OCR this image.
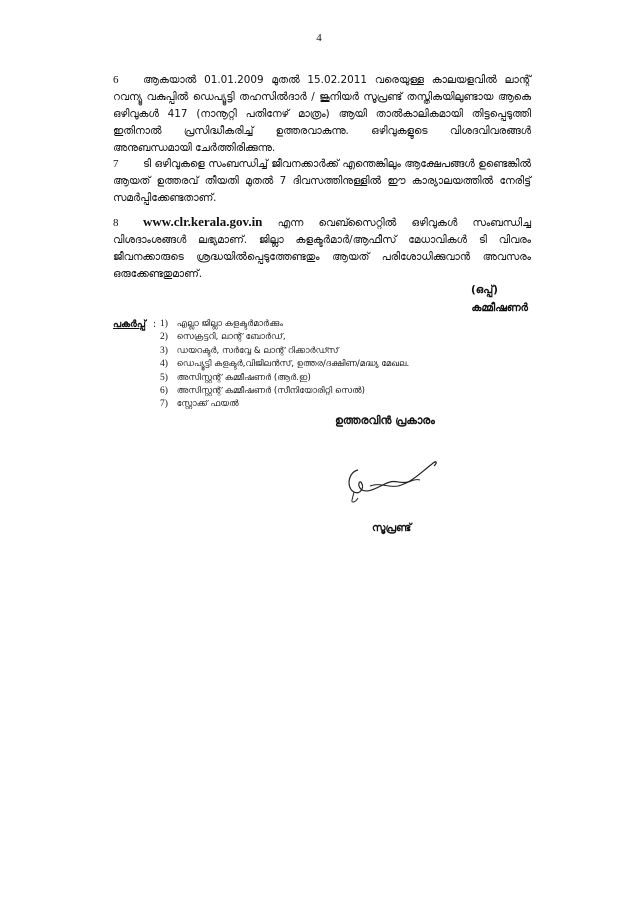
4
6 ആകയാൽ 01.01.2009 മുതൽ 15.02.2011 വരെയുള്ള കാലയളവിൽ ലാന്റ് റവന്യൂ വകുപ്പിൽ ഡെപ്യൂട്ടി തഹസിൽദാർ / ജൂനിയർ സൂപ്രണ്ട് തസ്തികയിലുണ്ടായ ആകെ ഒഴിവുകൾ 417 (നാനൂറ്റി പതിനേഴ് മാത്രം) ആയി താൽകാലികമായി തിട്ടപ്പെടുത്തി ഇതിനാൽ പ്രസിദ്ധീകരിച്ച് ഉത്തരവാകുന്നു. ഒഴിവുകളുടെ വിശദവിവരങ്ങൾ അനുബന്ധമായി ചേർത്തിരിക്കുന്നു.
7 ടി ഒഴിവുകളെ സംബന്ധിച്ച് ജീവനക്കാർക്ക് എന്തെങ്കിലും ആക്ഷേപങ്ങൾ ഉണ്ടെങ്കിൽ ആയത് ഉത്തരവ് തീയതി മുതൽ 7 ദിവസത്തിനുള്ളിൽ ഈ കാര്യാലയത്തിൽ നേരിട്ട് സമർപ്പിക്കേണ്ടതാണ്.
8 www.clr.kerala.gov.in എന്ന വെബ്സൈറ്റിൽ ഒഴിവുകൾ സംബന്ധിച്ച വിശദാംശങ്ങൾ ലഭ്യമാണ്. ജില്ലാ കളക്ടർമാർ/ആഫീസ് മേധാവികൾ ടി വിവരം ജീവനക്കാരുടെ ശ്രദ്ധയിൽപ്പെടുത്തേണ്ടതും ആയത് പരിശോധിക്കുവാൻ അവസരം ഒരുക്കേണ്ടതുമാണ്.
(ഒപ്പ്)
കമ്മീഷണർ
പകർപ്പ് : 1) എല്ലാ ജില്ലാ കളക്ടർമാർക്കും
2) സെക്രട്ടറി, ലാന്റ് ബോർഡ്,
3) ഡയറക്ടർ, സർവ്വേ & ലാന്റ് റിക്കാർഡ്സ്
4) ഡെപ്യൂട്ടി കളക്ടർ,വിജിലൻസ്, ഉത്തര/ദക്ഷിണ/മദ്ധ്യ മേഖല.
5) അസിസ്റ്റന്റ് കമ്മീഷണർ (ആർ.ഇ)
6) അസിസ്റ്റന്റ് കമ്മീഷണർ (സീനിയോരിറ്റി സെൽ)
7) സ്റ്റോക്ക് ഫയൽ
ഉത്തരവിൻ പ്രകാരം
സൂപ്രണ്ട്
